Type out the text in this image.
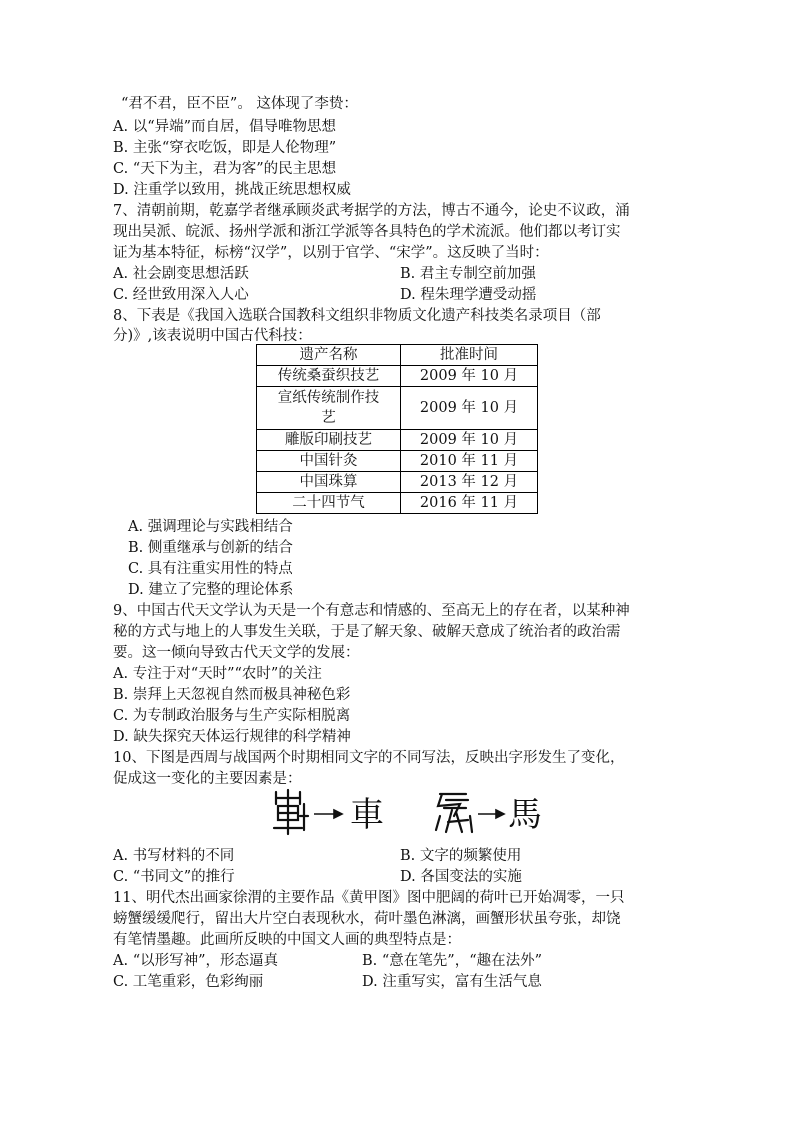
“君不君，臣不臣”。 这体现了李贽：
A. 以“异端”而自居，倡导唯物思想
B. 主张“穿衣吃饭，即是人伦物理”
C. “天下为主，君为客”的民主思想
D. 注重学以致用，挑战正统思想权威
7、清朝前期，乾嘉学者继承顾炎武考据学的方法，博古不通今，论史不议政，涌
现出吴派、皖派、扬州学派和浙江学派等各具特色的学术流派。他们都以考订实
证为基本特征，标榜“汉学”，以别于官学、“宋学”。这反映了当时：
A. 社会剧变思想活跃	B. 君主专制空前加强
C. 经世致用深入人心	D. 程朱理学遭受动摇
8、下表是《我国入选联合国教科文组织非物质文化遗产科技类名录项目（部
分)》,该表说明中国古代科技：
遗产名称	批准时间
传统桑蚕织技艺	2009 年 10 月

宣纸传统制作技
艺	2009 年 10 月
雕版印刷技艺	2009 年 10 月
中国针灸	2010 年 11 月
中国珠算	2013 年 12 月
二十四节气	2016 年 11 月
A. 强调理论与实践相结合
B. 侧重继承与创新的结合
C. 具有注重实用性的特点
D. 建立了完整的理论体系
9、中国古代天文学认为天是一个有意志和情感的、至高无上的存在者，以某种神
秘的方式与地上的人事发生关联，于是了解天象、破解天意成了统治者的政治需
要。这一倾向导致古代天文学的发展：
A. 专注于对“天时”“农时”的关注
B. 崇拜上天忽视自然而极具神秘色彩
C. 为专制政治服务与生产实际相脱离
D. 缺失探究天体运行规律的科学精神
10、下图是西周与战国两个时期相同文字的不同写法，反映出字形发生了变化，
促成这一变化的主要因素是：
車	馬
A. 书写材料的不同	B. 文字的频繁使用
C. “书同文”的推行	D. 各国变法的实施
11、明代杰出画家徐渭的主要作品《黄甲图》图中肥阔的荷叶已开始凋零，一只
螃蟹缓缓爬行，留出大片空白表现秋水，荷叶墨色淋漓，画蟹形状虽夸张，却饶
有笔情墨趣。此画所反映的中国文人画的典型特点是：
A. “以形写神”，形态逼真	B. “意在笔先”，“趣在法外”
C. 工笔重彩，色彩绚丽	D. 注重写实，富有生活气息
